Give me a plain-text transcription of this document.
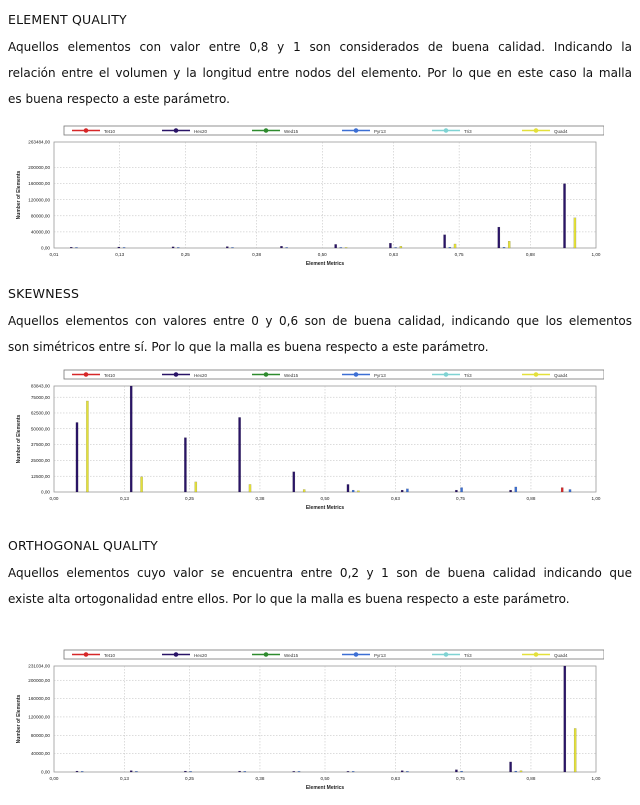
ELEMENT QUALITY
Aquellos elementos con valor entre 0,8 y 1 son considerados de buena calidad. Indicando la
relación entre el volumen y la longitud entre nodos del elemento. Por lo que en este caso la malla
es buena respecto a este parámetro.
Tet10	Hex20	Wed15	Pyr13	Tri3	Quad4
263484,00
200000,00
160000,00
120000,00
80000,00
40000,00
0,00
0,01	0,13	0,25	0,38	0,50	0,63	0,75	0,88	1,00
Element Metrics
Number of Elements
SKEWNESS
Aquellos elementos con valores entre 0 y 0,6 son de buena calidad, indicando que los elementos
son simétricos entre sí. Por lo que la malla es buena respecto a este parámetro.
Tet10	Hex20	Wed15	Pyr13	Tri3	Quad4
83843,00
75000,00
62500,00
50000,00
37500,00
25000,00
12500,00
0,00
0,00	0,13	0,25	0,38	0,50	0,63	0,75	0,88	1,00
Element Metrics
Number of Elements
ORTHOGONAL QUALITY
Aquellos elementos cuyo valor se encuentra entre 0,2 y 1 son de buena calidad indicando que
existe alta ortogonalidad entre ellos. Por lo que la malla es buena respecto a este parámetro.
Tet10	Hex20	Wed15	Pyr13	Tri3	Quad4
231034,00
200000,00
160000,00
120000,00
80000,00
40000,00
0,00
0,00	0,13	0,25	0,38	0,50	0,63	0,75	0,88	1,00
Element Metrics
Number of Elements
